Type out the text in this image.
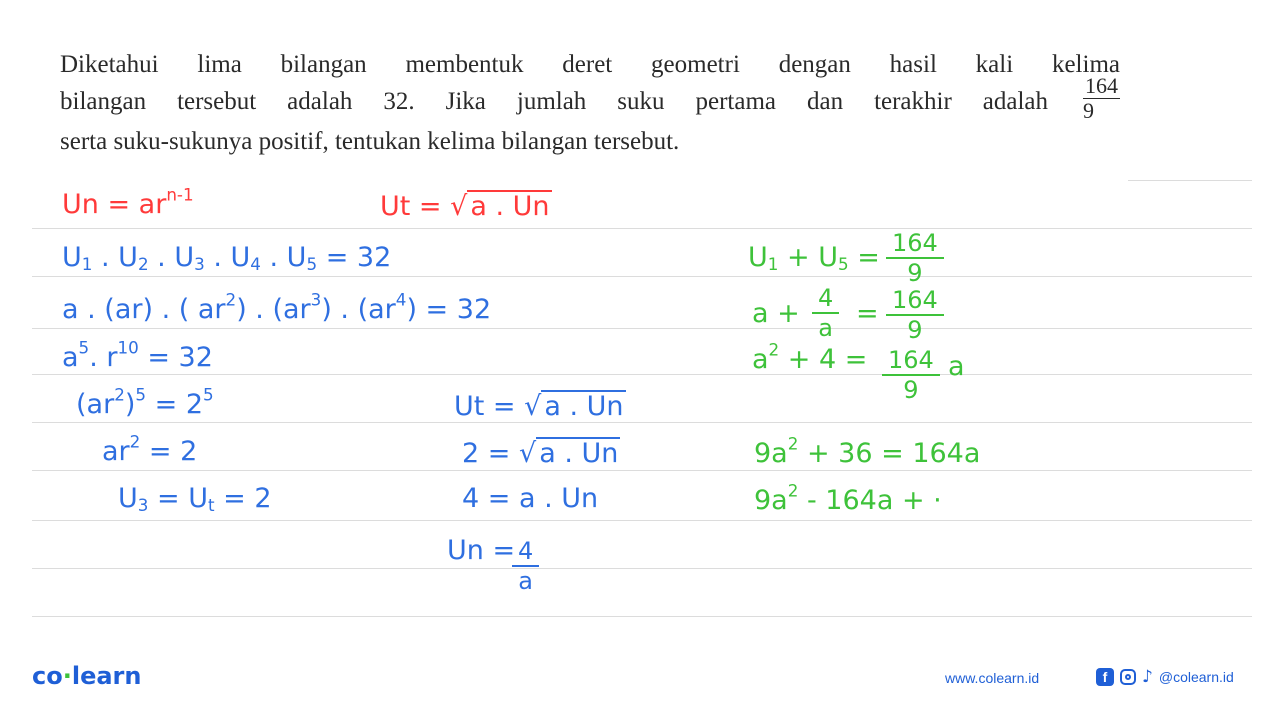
Diketahui lima bilangan membentuk deret geometri dengan hasil kali kelima
bilangan tersebut adalah 32. Jika jumlah suku pertama dan terakhir adalah $\frac{164}{9}$
serta suku-sukunya positif, tentukan kelima bilangan tersebut.
$Un = ar^{n-1}$	Ut = √ a . Un
$U_1$ . $U_2$ . $U_3$ . $U_4$ . $U_5 = 32$
a . (ar) . ( $ar^2$) . $(ar^3)$ . $(ar^4) = 32$
$a^5$. $r^{10} = 32$
$(ar^2)^5 = 2^5$
$ar^2 = 2$
$U_3 = U_t = 2$
Ut = √ a . Un
2 = √ a . Un
4 = a . Un
Un =
$\frac{4}{a}$
$U_1 + U_5 = \frac{164}{9}$
$a + \frac{4}{a} = \frac{164}{9}$
$a^2 + 4 = \frac{164}{9}$ a
$9a^2 + 36 = 164a$
$9a^2 - 164a$ + ·
co·learn	www.colearn.id	f	♪ @colearn.id
